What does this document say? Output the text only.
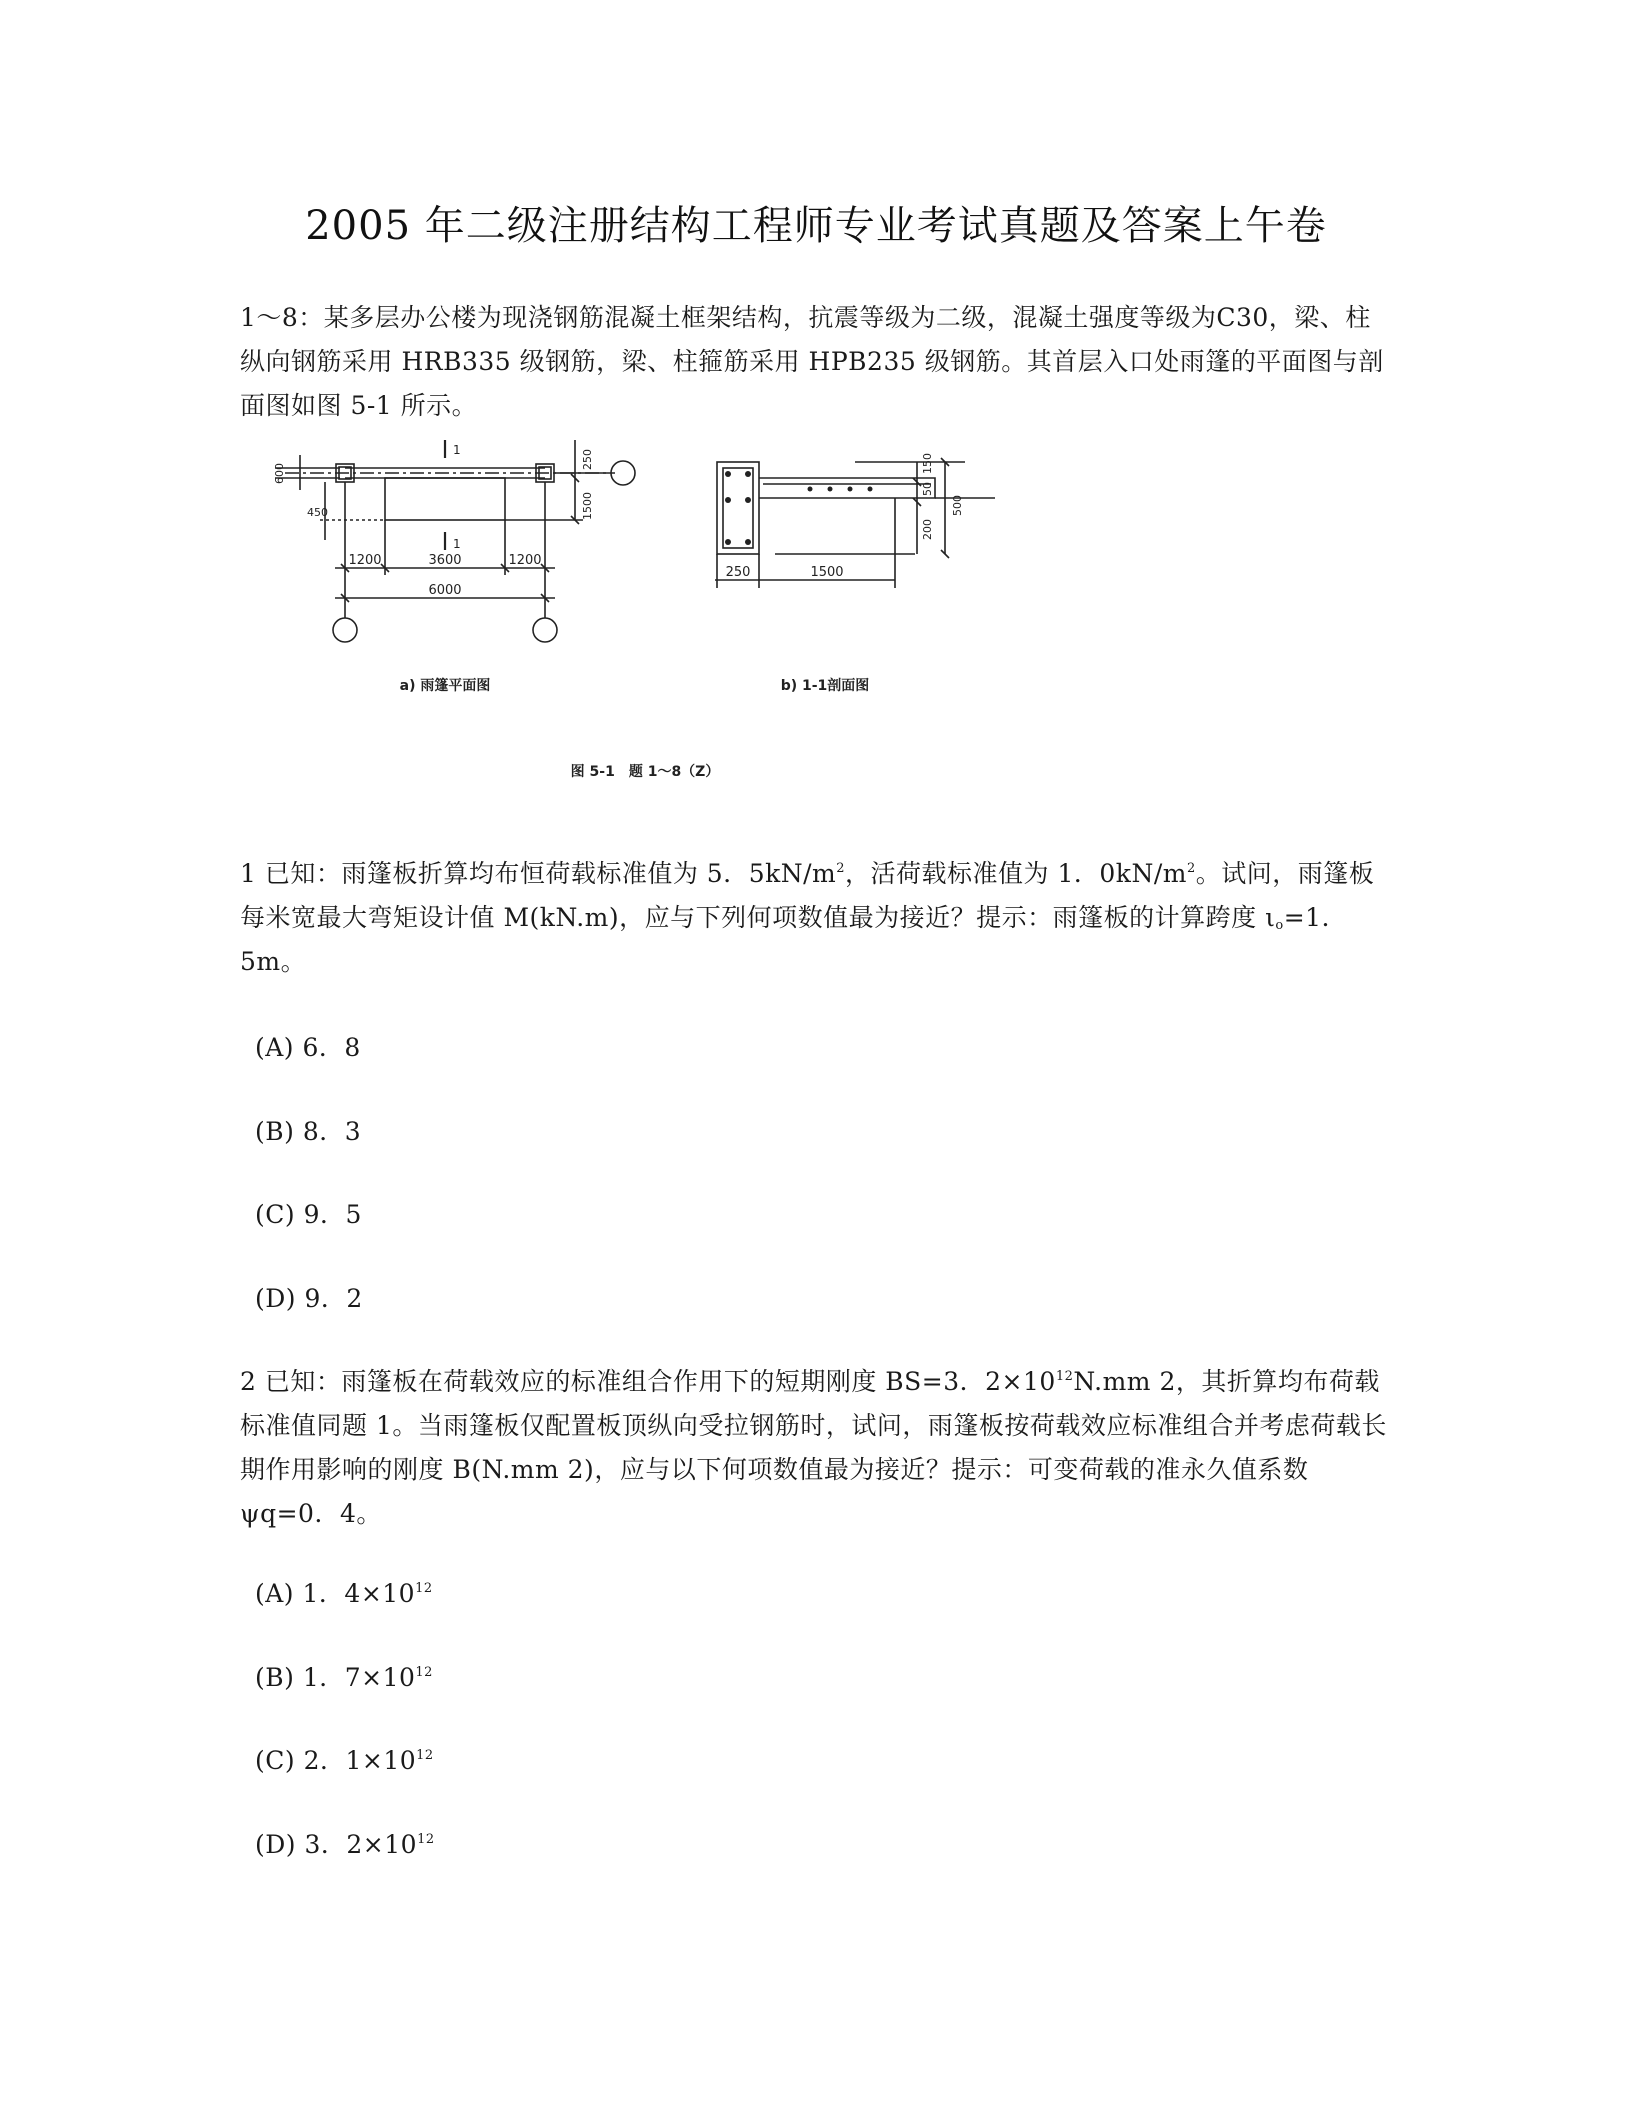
2005 年二级注册结构工程师专业考试真题及答案上午卷
1～8：某多层办公楼为现浇钢筋混凝土框架结构，抗震等级为二级，混凝土强度等级为C30，梁、柱纵向钢筋采用 HRB335 级钢筋，梁、柱箍筋采用 HPB235 级钢筋。其首层入口处雨篷的平面图与剖面图如图 5-1 所示。
1
1
1200	3600	1200
6000
600
450
250
1500
250	1500
150
50
200
500
a) 雨篷平面图	b) 1-1剖面图
图 5-1　题 1～8（Z）
1 已知：雨篷板折算均布恒荷载标准值为 5．$5kN/m^2$，活荷载标准值为 1．$0kN/m^2$。试问，雨篷板每米宽最大弯矩设计值 M(kN.m)，应与下列何项数值最为接近？提示：雨篷板的计算跨度 $\iota_o=1$．5m。
(A) 6．8
(B) 8．3
(C) 9．5
(D) 9．2
2 已知：雨篷板在荷载效应的标准组合作用下的短期刚度 BS=3．$2\times 10^{12}N.mm$ 2，其折算均布荷载标准值同题 1。当雨篷板仅配置板顶纵向受拉钢筋时，试问，雨篷板按荷载效应标准组合并考虑荷载长期作用影响的刚度 B(N.mm 2)，应与以下何项数值最为接近？提示：可变荷载的准永久值系数 ψq=0．4。
(A) 1．$4\times 10^{12}$
(B) 1．$7\times 10^{12}$
(C) 2．$1\times 10^{12}$
(D) 3．$2\times 10^{12}$
